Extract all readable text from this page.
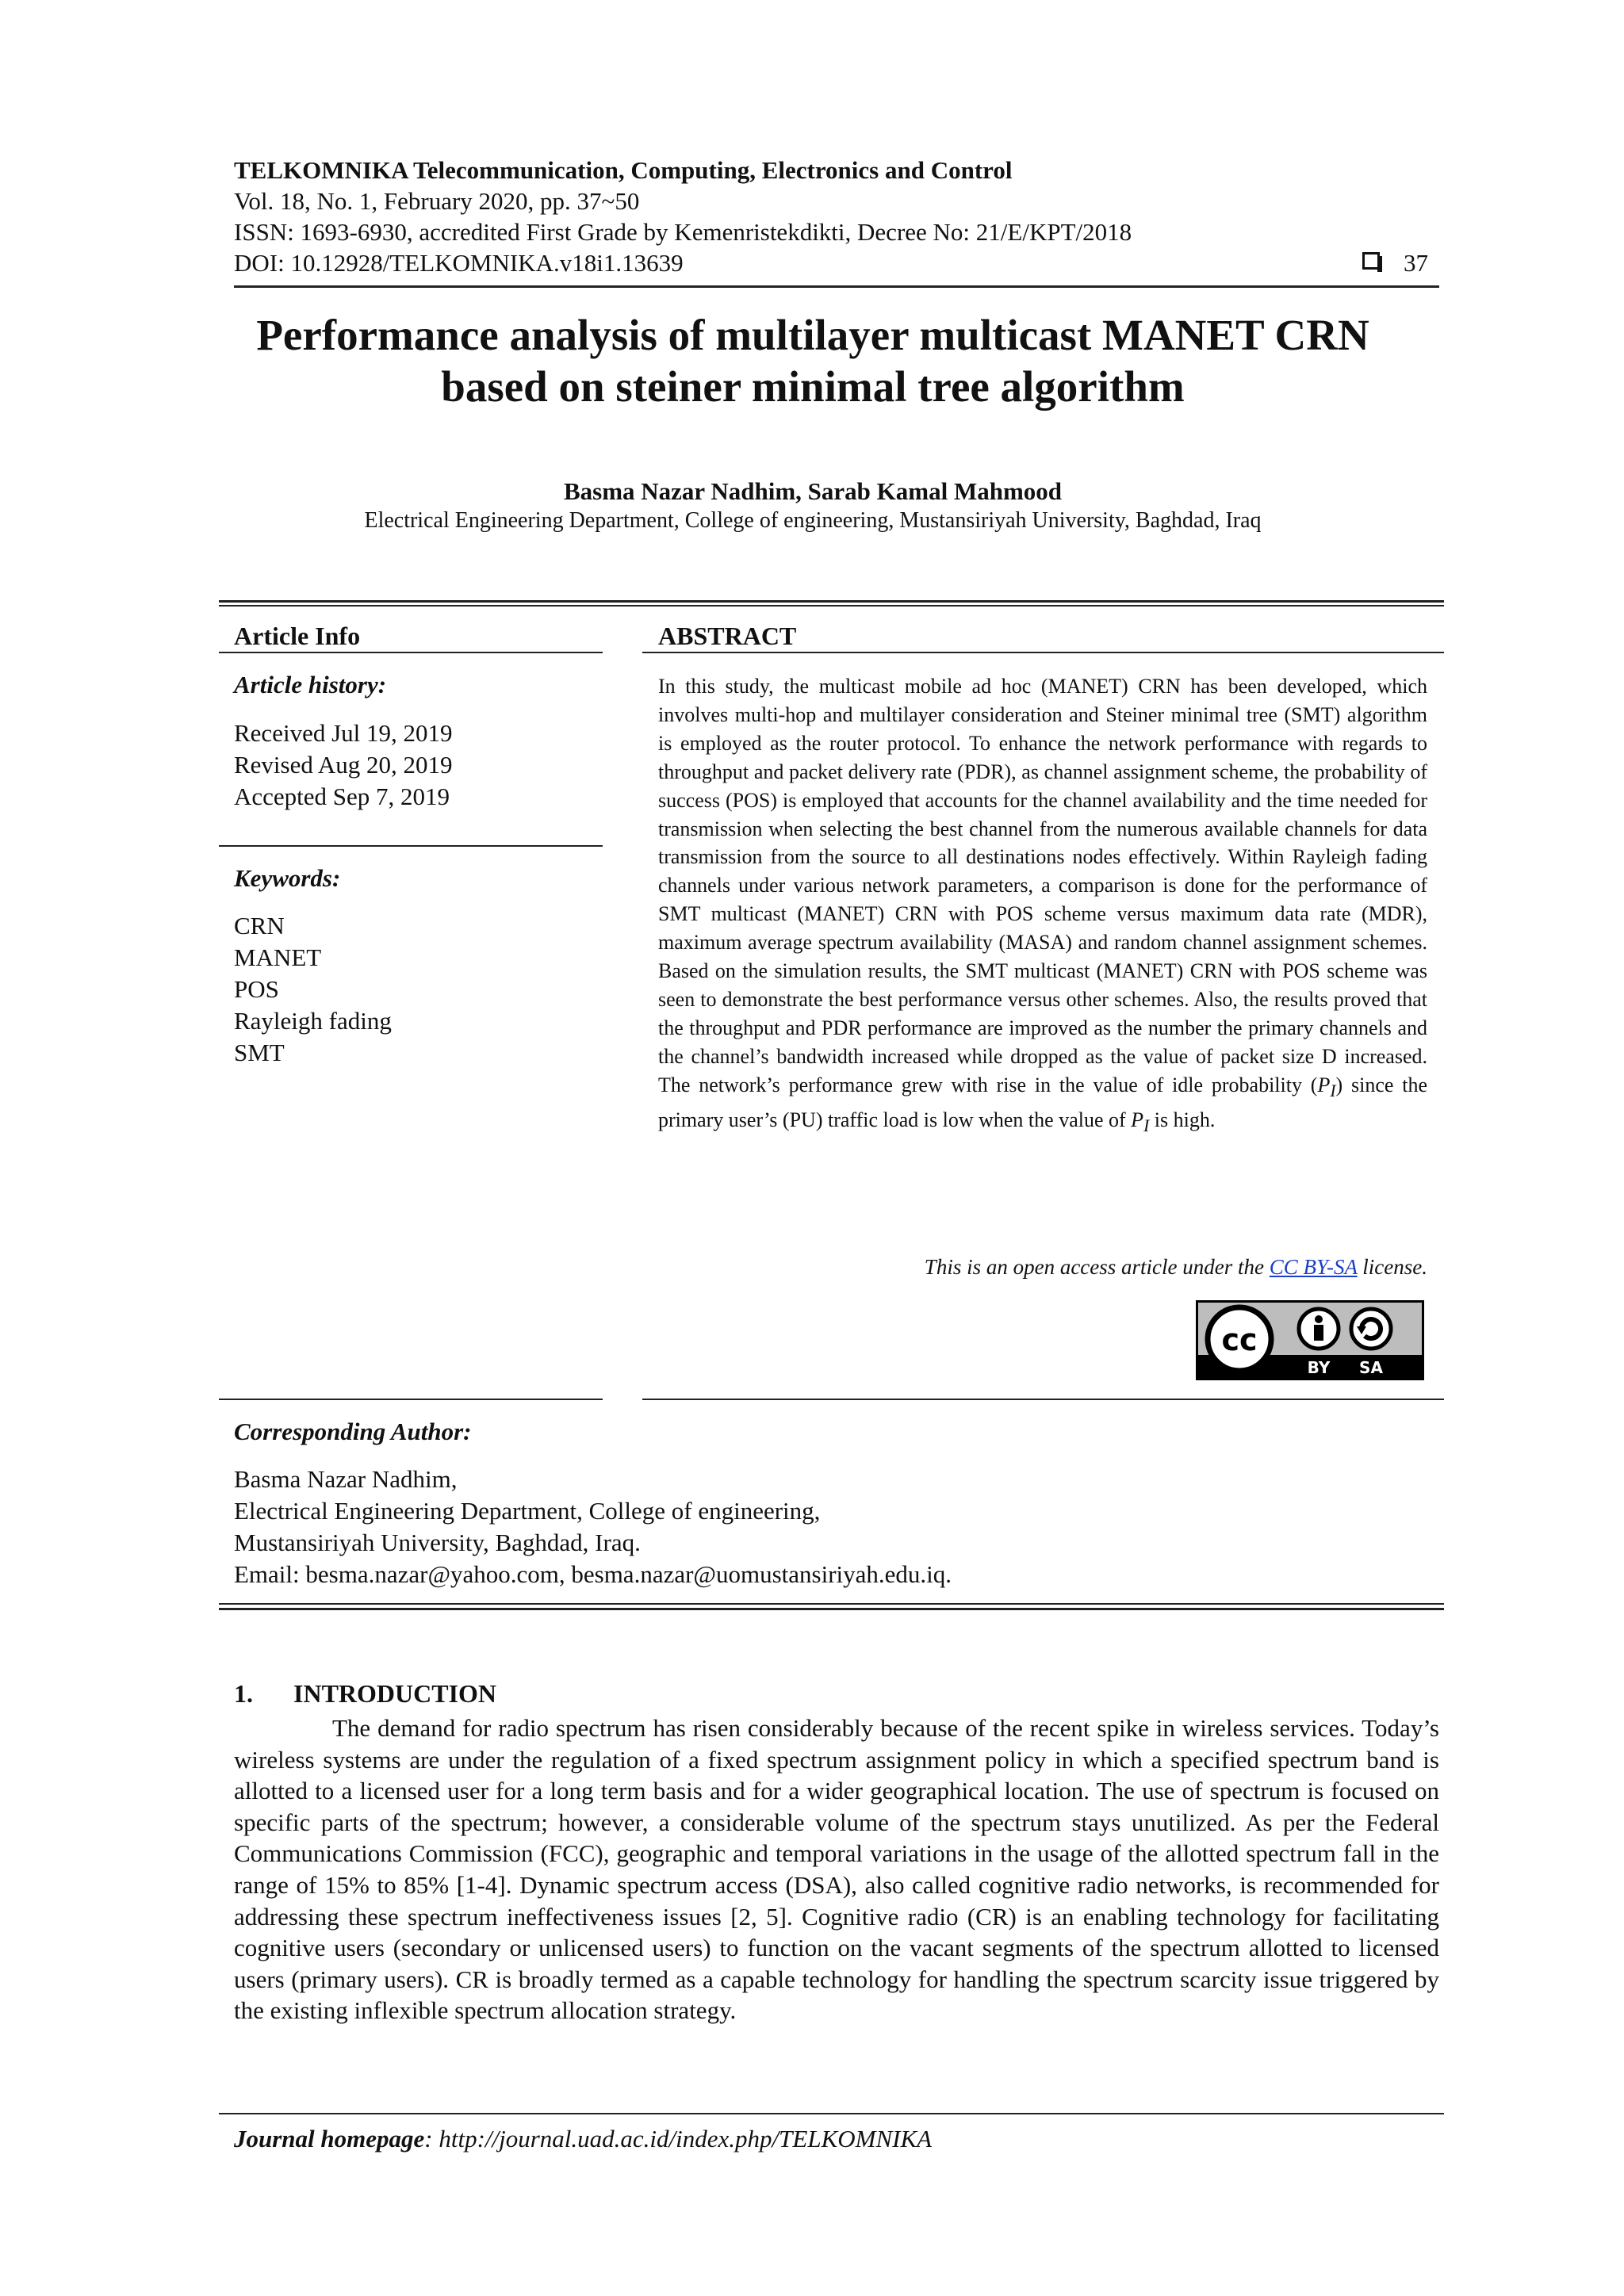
TELKOMNIKA Telecommunication, Computing, Electronics and Control
Vol. 18, No. 1, February 2020, pp. 37~50
ISSN: 1693-6930, accredited First Grade by Kemenristekdikti, Decree No: 21/E/KPT/2018
DOI: 10.12928/TELKOMNIKA.v18i1.13639	37
Performance analysis of multilayer multicast MANET CRN
based on steiner minimal tree algorithm
Basma Nazar Nadhim, Sarab Kamal Mahmood
Electrical Engineering Department, College of engineering, Mustansiriyah University, Baghdad, Iraq
Article Info
Article history:
Received Jul 19, 2019
Revised Aug 20, 2019
Accepted Sep 7, 2019
Keywords:
CRN
MANET
POS
Rayleigh fading
SMT
ABSTRACT
In this study, the multicast mobile ad hoc (MANET) CRN has been developed, which involves multi-hop and multilayer consideration and Steiner minimal tree (SMT) algorithm is employed as the router protocol. To enhance the network performance with regards to throughput and packet delivery rate (PDR), as channel assignment scheme, the probability of success (POS) is employed that accounts for the channel availability and the time needed for transmission when selecting the best channel from the numerous available channels for data transmission from the source to all destinations nodes effectively. Within Rayleigh fading channels under various network parameters, a comparison is done for the performance of SMT multicast (MANET) CRN with POS scheme versus maximum data rate (MDR), maximum average spectrum availability (MASA) and random channel assignment schemes. Based on the simulation results, the SMT multicast (MANET) CRN with POS scheme was seen to demonstrate the best performance versus other schemes. Also, the results proved that the throughput and PDR performance are improved as the number the primary channels and the channel’s bandwidth increased while dropped as the value of packet size D increased. The network’s performance grew with rise in the value of idle probability $(P_I)$ since the primary user’s (PU) traffic load is low when the value of $P_I$ is high.
This is an open access article under the CC BY-SA license.
cc
BY SA
Corresponding Author:
Basma Nazar Nadhim,
Electrical Engineering Department, College of engineering,
Mustansiriyah University, Baghdad, Iraq.
Email: besma.nazar@yahoo.com, besma.nazar@uomustansiriyah.edu.iq.
1. INTRODUCTION

The demand for radio spectrum has risen considerably because of the recent spike in wireless services. Today’s wireless systems are under the regulation of a fixed spectrum assignment policy in which a specified spectrum band is allotted to a licensed user for a long term basis and for a wider geographical location. The use of spectrum is focused on specific parts of the spectrum; however, a considerable volume of the spectrum stays unutilized. As per the Federal Communications Commission (FCC), geographic and temporal variations in the usage of the allotted spectrum fall in the range of 15% to 85% [1-4]. Dynamic spectrum access (DSA), also called cognitive radio networks, is recommended for addressing these spectrum ineffectiveness issues [2, 5]. Cognitive radio (CR) is an enabling technology for facilitating cognitive users (secondary or unlicensed users) to function on the vacant segments of the spectrum allotted to licensed users (primary users). CR is broadly termed as a capable technology for handling the spectrum scarcity issue triggered by the existing inflexible spectrum allocation strategy.

Journal homepage: http://journal.uad.ac.id/index.php/TELKOMNIKA
